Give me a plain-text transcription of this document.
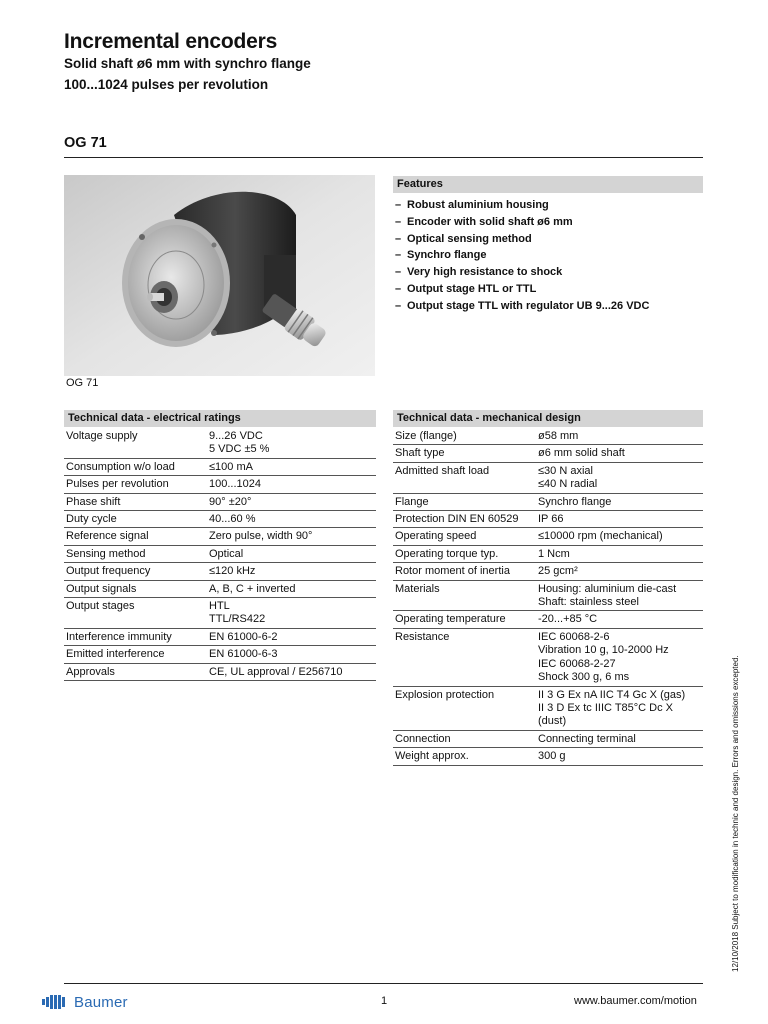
Incremental encoders
Solid shaft ø6 mm with synchro flange
100...1024 pulses per revolution
OG 71
OG 71
Features
– Robust aluminium housing
– Encoder with solid shaft ø6 mm
– Optical sensing method
– Synchro flange
– Very high resistance to shock
– Output stage HTL or TTL
– Output stage TTL with regulator UB 9...26 VDC
Technical data - electrical ratings
Voltage supply	9...26 VDC
5 VDC ±5 %
Consumption w/o load	≤100 mA
Pulses per revolution	100...1024
Phase shift	90° ±20°
Duty cycle	40...60 %
Reference signal	Zero pulse, width 90°
Sensing method	Optical
Output frequency	≤120 kHz
Output signals	A, B, C + inverted
Output stages	HTL
TTL/RS422
Interference immunity	EN 61000-6-2
Emitted interference	EN 61000-6-3
Approvals	CE, UL approval / E256710
Technical data - mechanical design
Size (flange)	ø58 mm
Shaft type	ø6 mm solid shaft
Admitted shaft load	≤30 N axial
≤40 N radial
Flange	Synchro flange
Protection DIN EN 60529	IP 66
Operating speed	≤10000 rpm (mechanical)
Operating torque typ.	1 Ncm
Rotor moment of inertia	25 gcm²
Materials	Housing: aluminium die-cast
Shaft: stainless steel
Operating temperature	-20...+85 °C
Resistance	IEC 60068-2-6
Vibration 10 g, 10-2000 Hz
IEC 60068-2-27
Shock 300 g, 6 ms
Explosion protection	II 3 G Ex nA IIC T4 Gc X (gas)
II 3 D Ex tc IIIC T85°C Dc X
(dust)
Connection	Connecting terminal
Weight approx.	300 g	12/10/2018 Subject to modification in technic and design. Errors and omissions excepted.
Baumer	1	www.baumer.com/motion
